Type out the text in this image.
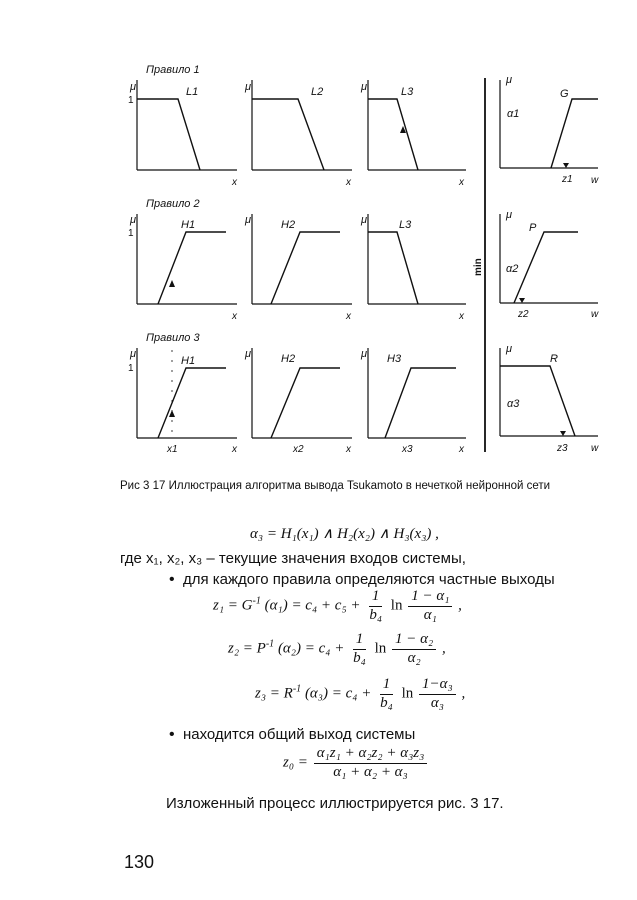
Правило 1
μ
1
x
L1	μ
x
L2	μ
x
L3
μ
α1
G
z1 w
Правило 2
μ
1
x
H1	μ
x
H2	μ
x
L3
μ
α2
P
z2	w
Правило 3
μ
1
x
H1
x1
μ
x
H2
x2
μ
x
H3
x3
μ
α3
R
z3 w
min
Рис 3 17 Иллюстрация алгоритма вывода Tsukamoto в нечеткой нейронной сети
α₃ = H₁(x₁) ∧ H₂(x₂) ∧ H₃(x₃) ,
где x₁, x₂, x₃ – текущие значения входов системы,
• для каждого правила определяются частные выходы
$z_1 = G^{-1}$ $(\alpha_1) = c_4 + c_5 + \frac{1}{\text{b₄}}$ $\ln \frac{\text{1 − α₁}}{\text{α₁}}$ ,
$z_2 = P^{-1}$ $(\alpha_2) = c_4 + \frac{1}{\text{b₄}}$ $\ln \frac{\text{1 − α₂}}{\text{α₂}}$ ,
$z_3 = R^{-1}$ $(\alpha_3) = c_4 + \frac{1}{\text{b₄}}$ $\ln \frac{\text{1−α₃}}{\text{α₃}}$ ,
• находится общий выход системы
$z_0 = \frac{\text{α₁z₁ + α₂z₂ + α₃z₃}}{\text{α₁ + α₂ + α₃}}$
Изложенный процесс иллюстрируется рис. 3 17.
130
